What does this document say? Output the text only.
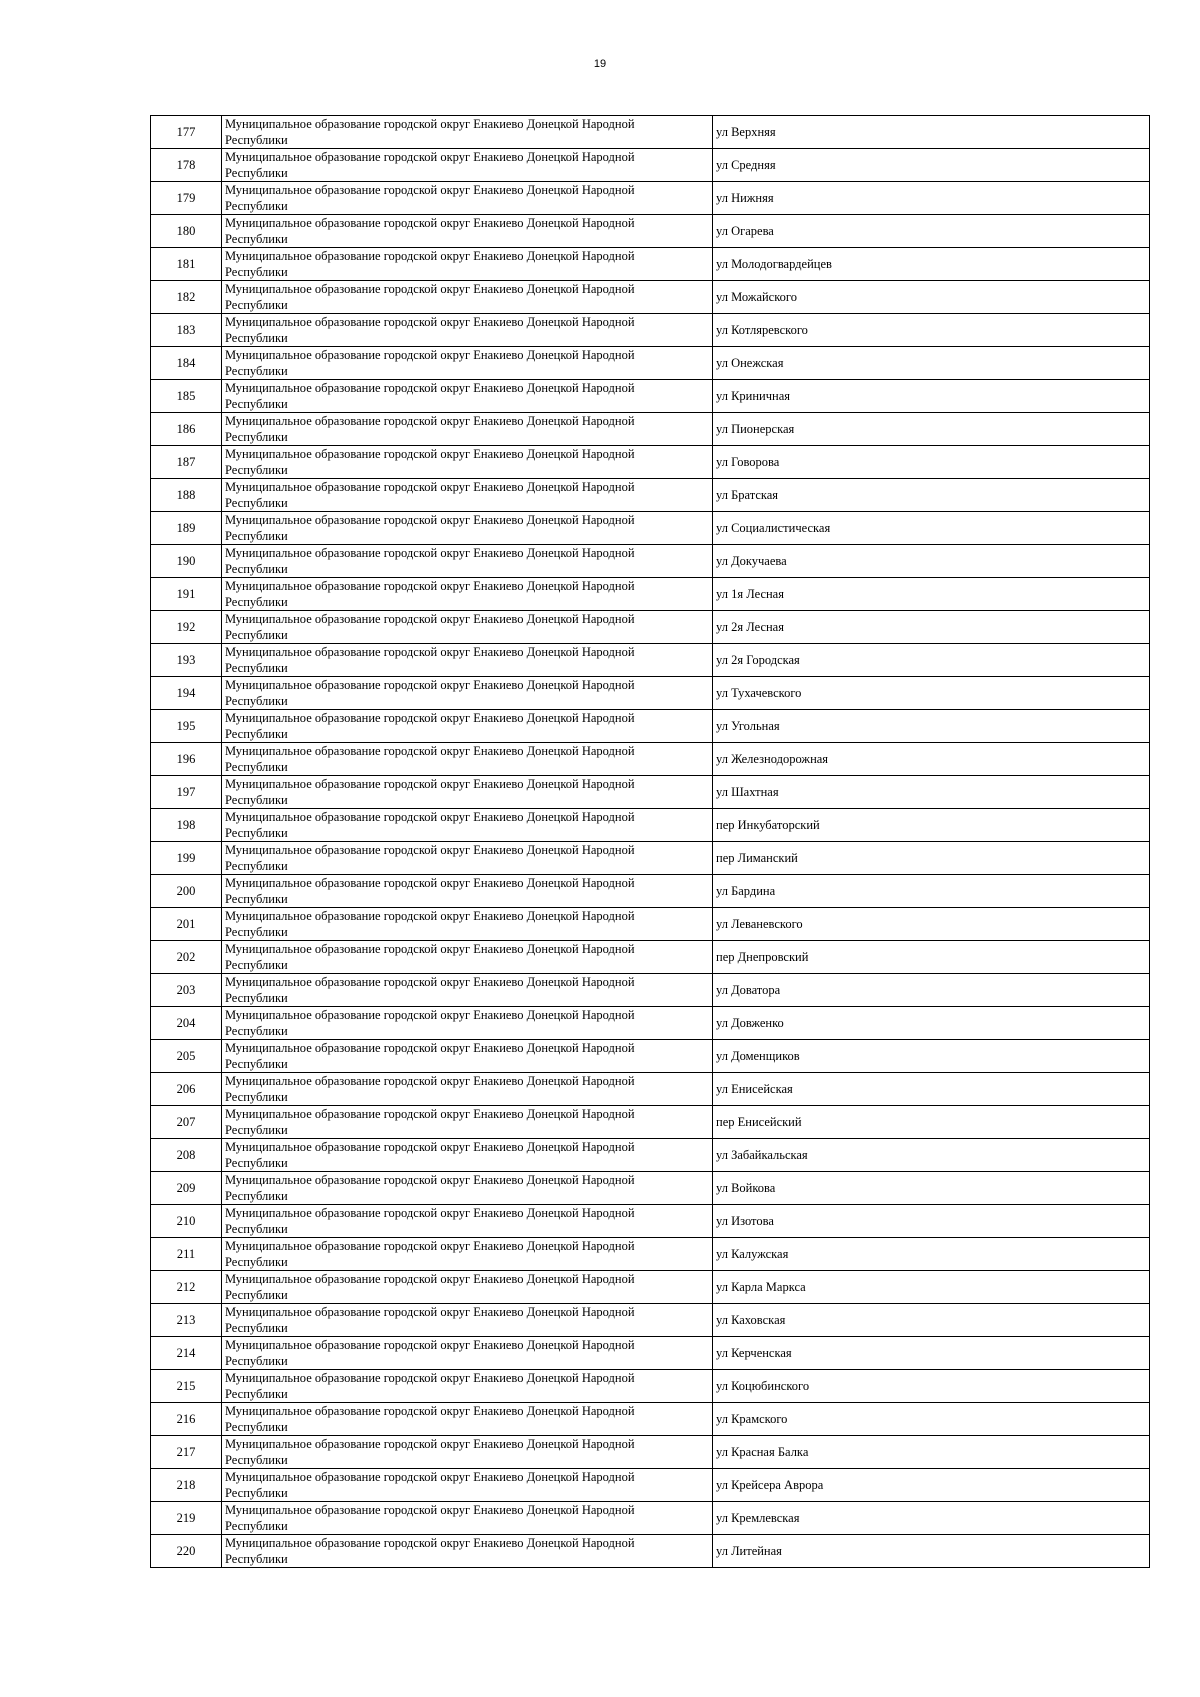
19
177	Муниципальное образование городской округ Енакиево Донецкой Народной
Республики	ул Верхняя
178	Муниципальное образование городской округ Енакиево Донецкой Народной
Республики	ул Средняя
179	Муниципальное образование городской округ Енакиево Донецкой Народной
Республики	ул Нижняя
180	Муниципальное образование городской округ Енакиево Донецкой Народной
Республики	ул Огарева
181	Муниципальное образование городской округ Енакиево Донецкой Народной
Республики	ул Молодогвардейцев
182	Муниципальное образование городской округ Енакиево Донецкой Народной
Республики	ул Можайского
183	Муниципальное образование городской округ Енакиево Донецкой Народной
Республики	ул Котляревского
184	Муниципальное образование городской округ Енакиево Донецкой Народной
Республики	ул Онежская
185	Муниципальное образование городской округ Енакиево Донецкой Народной
Республики	ул Криничная
186	Муниципальное образование городской округ Енакиево Донецкой Народной
Республики	ул Пионерская
187	Муниципальное образование городской округ Енакиево Донецкой Народной
Республики	ул Говорова
188	Муниципальное образование городской округ Енакиево Донецкой Народной
Республики	ул Братская
189	Муниципальное образование городской округ Енакиево Донецкой Народной
Республики	ул Социалистическая
190	Муниципальное образование городской округ Енакиево Донецкой Народной
Республики	ул Докучаева
191	Муниципальное образование городской округ Енакиево Донецкой Народной
Республики	ул 1я Лесная
192	Муниципальное образование городской округ Енакиево Донецкой Народной
Республики	ул 2я Лесная
193	Муниципальное образование городской округ Енакиево Донецкой Народной
Республики	ул 2я Городская
194	Муниципальное образование городской округ Енакиево Донецкой Народной
Республики	ул Тухачевского
195	Муниципальное образование городской округ Енакиево Донецкой Народной
Республики	ул Угольная
196	Муниципальное образование городской округ Енакиево Донецкой Народной
Республики	ул Железнодорожная
197	Муниципальное образование городской округ Енакиево Донецкой Народной
Республики	ул Шахтная
198	Муниципальное образование городской округ Енакиево Донецкой Народной
Республики	пер Инкубаторский
199	Муниципальное образование городской округ Енакиево Донецкой Народной
Республики	пер Лиманский
200	Муниципальное образование городской округ Енакиево Донецкой Народной
Республики	ул Бардина
201	Муниципальное образование городской округ Енакиево Донецкой Народной
Республики	ул Леваневского
202	Муниципальное образование городской округ Енакиево Донецкой Народной
Республики	пер Днепровский
203	Муниципальное образование городской округ Енакиево Донецкой Народной
Республики	ул Доватора
204	Муниципальное образование городской округ Енакиево Донецкой Народной
Республики	ул Довженко
205	Муниципальное образование городской округ Енакиево Донецкой Народной
Республики	ул Доменщиков
206	Муниципальное образование городской округ Енакиево Донецкой Народной
Республики	ул Енисейская
207	Муниципальное образование городской округ Енакиево Донецкой Народной
Республики	пер Енисейский
208	Муниципальное образование городской округ Енакиево Донецкой Народной
Республики	ул Забайкальская
209	Муниципальное образование городской округ Енакиево Донецкой Народной
Республики	ул Войкова
210	Муниципальное образование городской округ Енакиево Донецкой Народной
Республики	ул Изотова
211	Муниципальное образование городской округ Енакиево Донецкой Народной
Республики	ул Калужская
212	Муниципальное образование городской округ Енакиево Донецкой Народной
Республики	ул Карла Маркса
213	Муниципальное образование городской округ Енакиево Донецкой Народной
Республики	ул Каховская
214	Муниципальное образование городской округ Енакиево Донецкой Народной
Республики	ул Керченская
215	Муниципальное образование городской округ Енакиево Донецкой Народной
Республики	ул Коцюбинского
216	Муниципальное образование городской округ Енакиево Донецкой Народной
Республики	ул Крамского
217	Муниципальное образование городской округ Енакиево Донецкой Народной
Республики	ул Красная Балка
218	Муниципальное образование городской округ Енакиево Донецкой Народной
Республики	ул Крейсера Аврора
219	Муниципальное образование городской округ Енакиево Донецкой Народной
Республики	ул Кремлевская
220	Муниципальное образование городской округ Енакиево Донецкой Народной
Республики	ул Литейная
